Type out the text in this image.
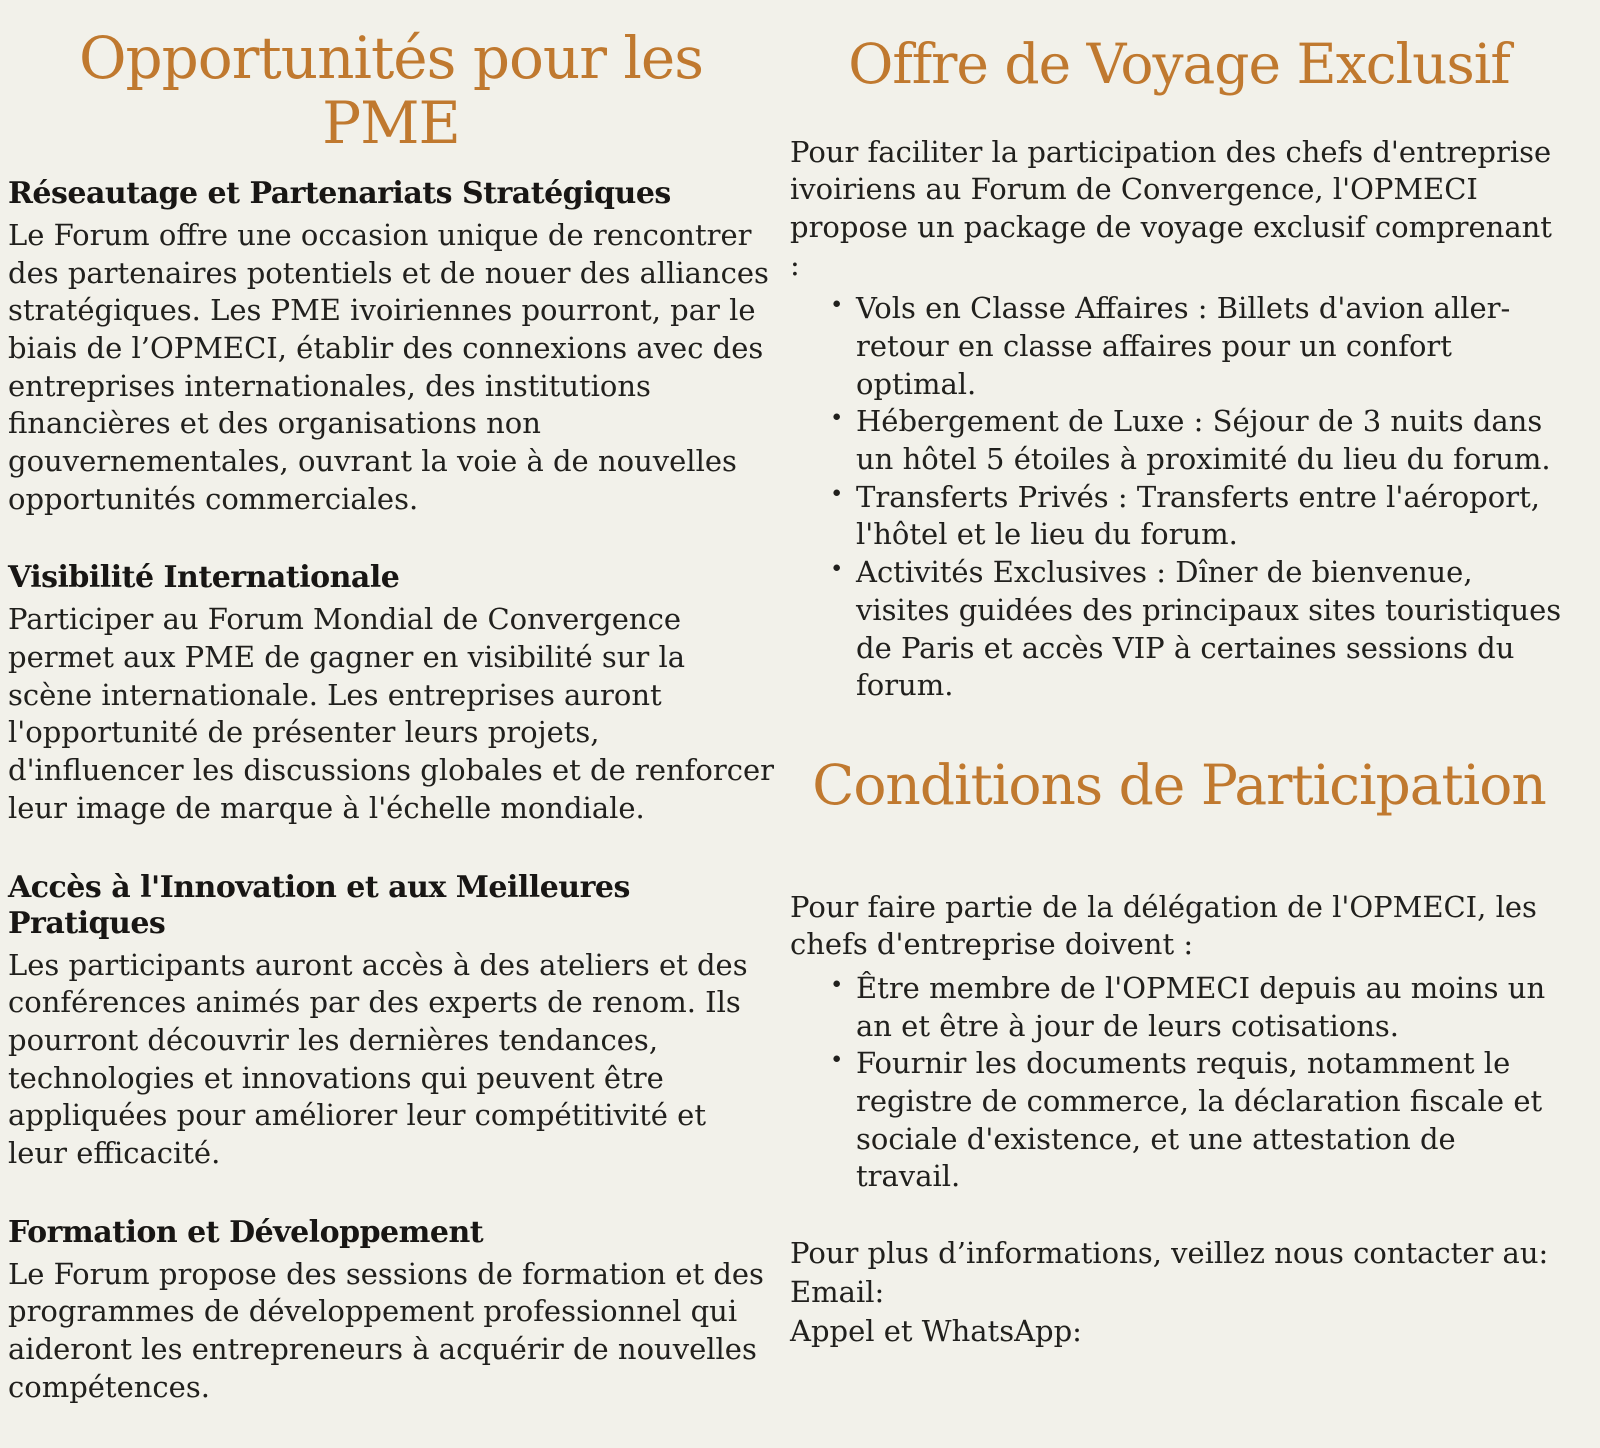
Opportunités pour les PME
Réseautage et Partenariats Stratégiques

Le Forum offre une occasion unique de rencontrer des partenaires potentiels et de nouer des alliances stratégiques. Les PME ivoiriennes pourront, par le biais de l’OPMECI, établir des connexions avec des entreprises internationales, des institutions financières et des organisations non gouvernementales, ouvrant la voie à de nouvelles opportunités commerciales.

Visibilité Internationale

Participer au Forum Mondial de Convergence permet aux PME de gagner en visibilité sur la scène internationale. Les entreprises auront l'opportunité de présenter leurs projets, d'influencer les discussions globales et de renforcer leur image de marque à l'échelle mondiale.

Accès à l'Innovation et aux Meilleures Pratiques

Les participants auront accès à des ateliers et des conférences animés par des experts de renom. Ils pourront découvrir les dernières tendances, technologies et innovations qui peuvent être appliquées pour améliorer leur compétitivité et leur efficacité.

Formation et Développement

Le Forum propose des sessions de formation et des programmes de développement professionnel qui aideront les entrepreneurs à acquérir de nouvelles compétences.

Offre de Voyage Exclusif

Pour faciliter la participation des chefs d'entreprise ivoiriens au Forum de Convergence, l'OPMECI propose un package de voyage exclusif comprenant :

• Vols en Classe Affaires : Billets d'avion aller-retour en classe affaires pour un confort optimal.
• Hébergement de Luxe : Séjour de 3 nuits dans un hôtel 5 étoiles à proximité du lieu du forum.
• Transferts Privés : Transferts entre l'aéroport, l'hôtel et le lieu du forum.
• Activités Exclusives : Dîner de bienvenue, visites guidées des principaux sites touristiques de Paris et accès VIP à certaines sessions du forum.
Conditions de Participation

Pour faire partie de la délégation de l'OPMECI, les chefs d'entreprise doivent :

• Être membre de l'OPMECI depuis au moins un an et être à jour de leurs cotisations.
• Fournir les documents requis, notamment le registre de commerce, la déclaration fiscale et sociale d'existence, et une attestation de travail.

Pour plus d’informations, veillez nous contacter au:

Email:

Appel et WhatsApp:
